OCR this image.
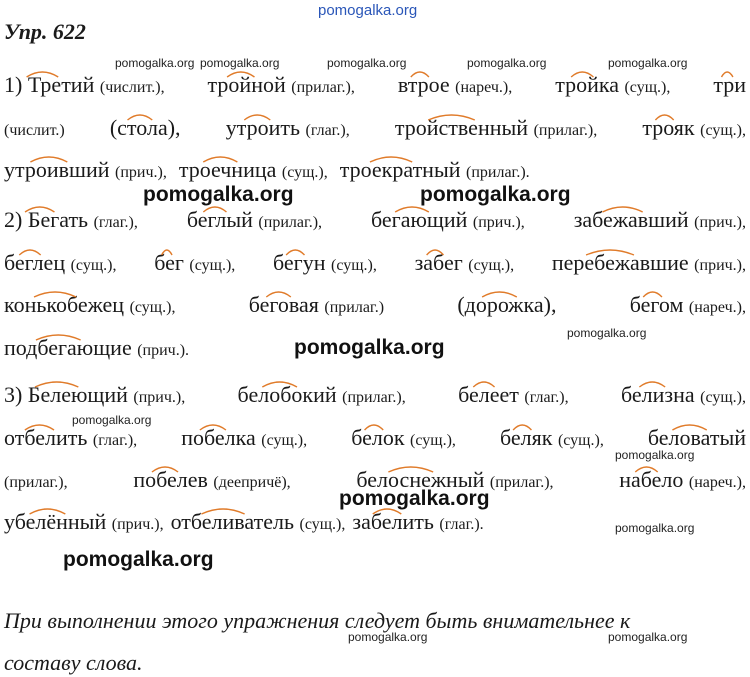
pomogalka.org
Упр. 622
pomogalka.org pomogalka.org	pomogalka.org	pomogalka.org	pomogalka.org
pomogalka.org
pomogalka.org
pomogalka.org
pomogalka.org
pomogalka.org	pomogalka.org
pomogalka.org	pomogalka.org
pomogalka.org
pomogalka.org
pomogalka.org
1) Третий (числит.), тройной (прилаг.), втрое (нареч.), тройка (сущ.), три
(числит.) (стола), утроить (глаг.), тройственный (прилаг.), трояк (сущ.),
утроивший (прич.), троечница (сущ.), троекратный (прилаг.).
2) Бегать (глаг.), беглый (прилаг.), бегающий (прич.), забежавший (прич.),
беглец (сущ.), бег (сущ.), бегун (сущ.), забег (сущ.), перебежавшие (прич.),
конькобежец (сущ.),	беговая (прилаг.)	(дорожка),	бегом (нареч.),
подбегающие (прич.).
3) Белеющий (прич.), белобокий (прилаг.), белеет (глаг.), белизна (сущ.),
отбелить (глаг.), побелка (сущ.), белок (сущ.), беляк (сущ.), беловатый
(прилаг.),	побелев (деепричё),	белоснежный (прилаг.),	набело (нареч.),
убелённый (прич.), отбеливатель (сущ.), забелить (глаг.).
При выполнении этого упражнения следует быть внимательнее к
составу слова.
